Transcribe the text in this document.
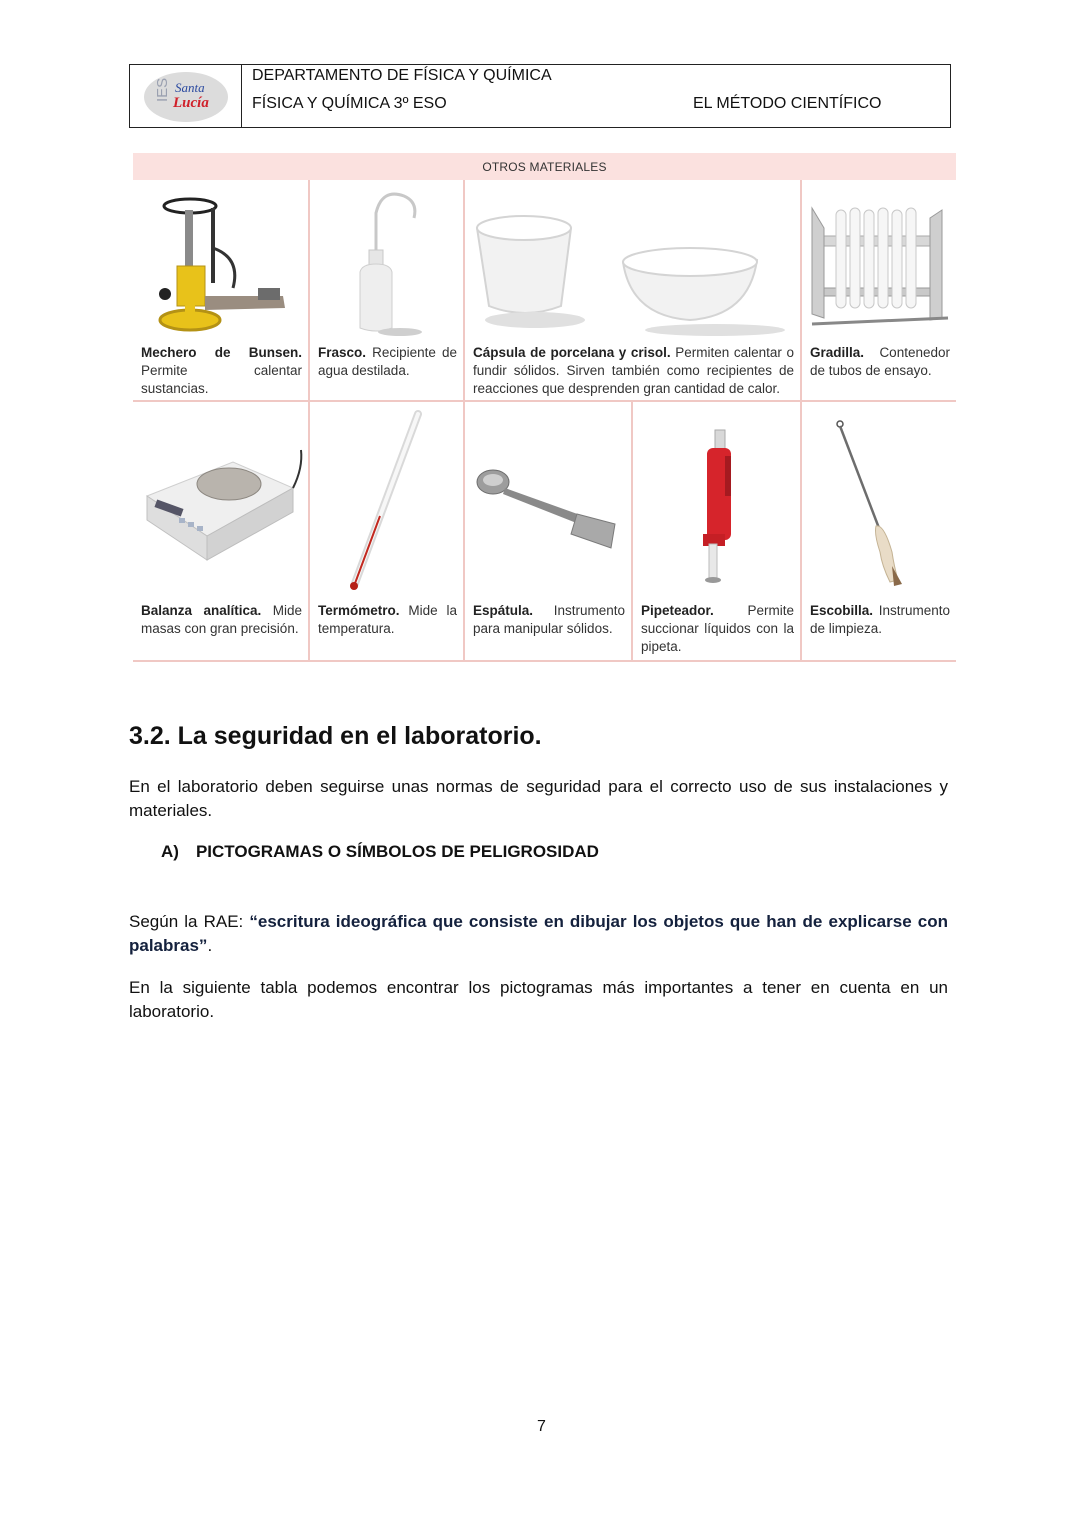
IES Santa
Lucía
DEPARTAMENTO DE FÍSICA Y QUÍMICA
FÍSICA Y QUÍMICA 3º ESO	EL MÉTODO CIENTÍFICO
OTROS MATERIALES
Mechero de Bunsen. Permite calentar sustancias.
Frasco. Recipiente de agua destilada.
Cápsula de porcelana y crisol. Permiten calentar o fundir sólidos. Sirven también como recipientes de reacciones que desprenden gran cantidad de calor.
Gradilla. Contenedor de tubos de ensayo.
Balanza analítica. Mide masas con gran precisión.
Termómetro. Mide la temperatura.
Espátula. Instrumento para manipular sólidos.
Pipeteador. Permite succionar líquidos con la pipeta.
Escobilla. Instrumento de limpieza.
3.2. La seguridad en el laboratorio.
En el laboratorio deben seguirse unas normas de seguridad para el correcto uso de sus instalaciones y materiales.
A) PICTOGRAMAS O SÍMBOLOS DE PELIGROSIDAD
Según la RAE: “escritura ideográfica que consiste en dibujar los objetos que han de explicarse con palabras”.
En la siguiente tabla podemos encontrar los pictogramas más importantes a tener en cuenta en un laboratorio.
7
